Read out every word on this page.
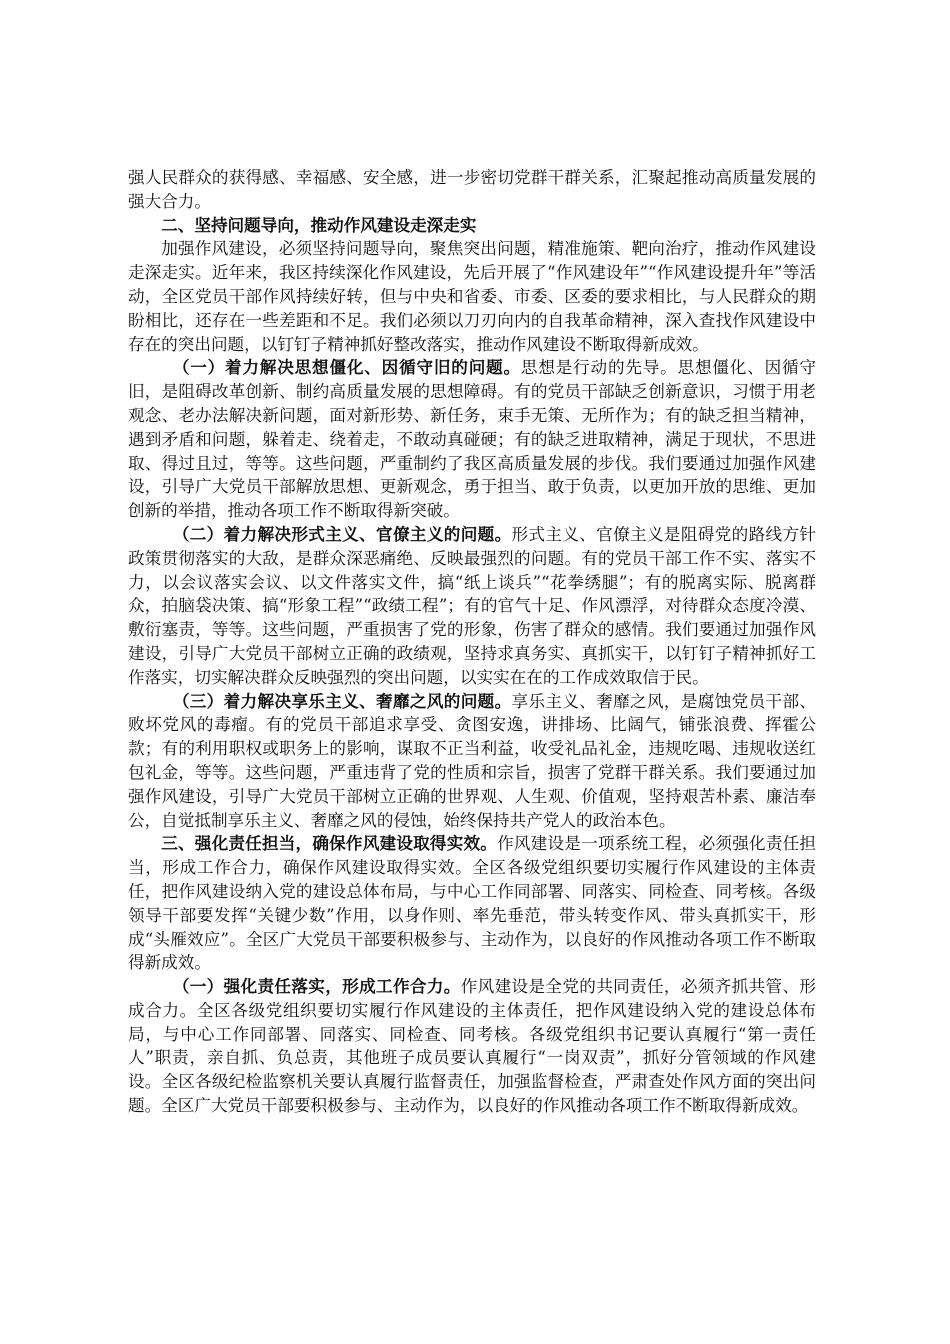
强人民群众的获得感、幸福感、安全感，进一步密切党群干群关系，汇聚起推动高质量发展的强大合力。

二、坚持问题导向，推动作风建设走深走实

加强作风建设，必须坚持问题导向，聚焦突出问题，精准施策、靶向治疗，推动作风建设走深走实。近年来，我区持续深化作风建设，先后开展了“作风建设年”“作风建设提升年”等活动，全区党员干部作风持续好转，但与中央和省委、市委、区委的要求相比，与人民群众的期盼相比，还存在一些差距和不足。我们必须以刀刃向内的自我革命精神，深入查找作风建设中存在的突出问题，以钉钉子精神抓好整改落实，推动作风建设不断取得新成效。

（一）着力解决思想僵化、因循守旧的问题。思想是行动的先导。思想僵化、因循守旧，是阻碍改革创新、制约高质量发展的思想障碍。有的党员干部缺乏创新意识，习惯于用老观念、老办法解决新问题，面对新形势、新任务，束手无策、无所作为；有的缺乏担当精神，遇到矛盾和问题，躲着走、绕着走，不敢动真碰硬；有的缺乏进取精神，满足于现状，不思进取、得过且过，等等。这些问题，严重制约了我区高质量发展的步伐。我们要通过加强作风建设，引导广大党员干部解放思想、更新观念，勇于担当、敢于负责，以更加开放的思维、更加创新的举措，推动各项工作不断取得新突破。

（二）着力解决形式主义、官僚主义的问题。形式主义、官僚主义是阻碍党的路线方针政策贯彻落实的大敌，是群众深恶痛绝、反映最强烈的问题。有的党员干部工作不实、落实不力，以会议落实会议、以文件落实文件，搞“纸上谈兵”“花拳绣腿”；有的脱离实际、脱离群众，拍脑袋决策、搞“形象工程”“政绩工程”；有的官气十足、作风漂浮，对待群众态度冷漠、敷衍塞责，等等。这些问题，严重损害了党的形象，伤害了群众的感情。我们要通过加强作风建设，引导广大党员干部树立正确的政绩观，坚持求真务实、真抓实干，以钉钉子精神抓好工作落实，切实解决群众反映强烈的突出问题，以实实在在的工作成效取信于民。

（三）着力解决享乐主义、奢靡之风的问题。享乐主义、奢靡之风，是腐蚀党员干部、败坏党风的毒瘤。有的党员干部追求享受、贪图安逸，讲排场、比阔气，铺张浪费、挥霍公款；有的利用职权或职务上的影响，谋取不正当利益，收受礼品礼金，违规吃喝、违规收送红包礼金，等等。这些问题，严重违背了党的性质和宗旨，损害了党群干群关系。我们要通过加强作风建设，引导广大党员干部树立正确的世界观、人生观、价值观，坚持艰苦朴素、廉洁奉公，自觉抵制享乐主义、奢靡之风的侵蚀，始终保持共产党人的政治本色。

三、强化责任担当，确保作风建设取得实效。作风建设是一项系统工程，必须强化责任担当，形成工作合力，确保作风建设取得实效。全区各级党组织要切实履行作风建设的主体责任，把作风建设纳入党的建设总体布局，与中心工作同部署、同落实、同检查、同考核。各级领导干部要发挥“关键少数”作用，以身作则、率先垂范，带头转变作风、带头真抓实干，形成“头雁效应”。全区广大党员干部要积极参与、主动作为，以良好的作风推动各项工作不断取得新成效。

（一）强化责任落实，形成工作合力。作风建设是全党的共同责任，必须齐抓共管、形成合力。全区各级党组织要切实履行作风建设的主体责任，把作风建设纳入党的建设总体布局，与中心工作同部署、同落实、同检查、同考核。各级党组织书记要认真履行“第一责任人”职责，亲自抓、负总责，其他班子成员要认真履行“一岗双责”，抓好分管领域的作风建设。全区各级纪检监察机关要认真履行监督责任，加强监督检查，严肃查处作风方面的突出问题。全区广大党员干部要积极参与、主动作为，以良好的作风推动各项工作不断取得新成效。
